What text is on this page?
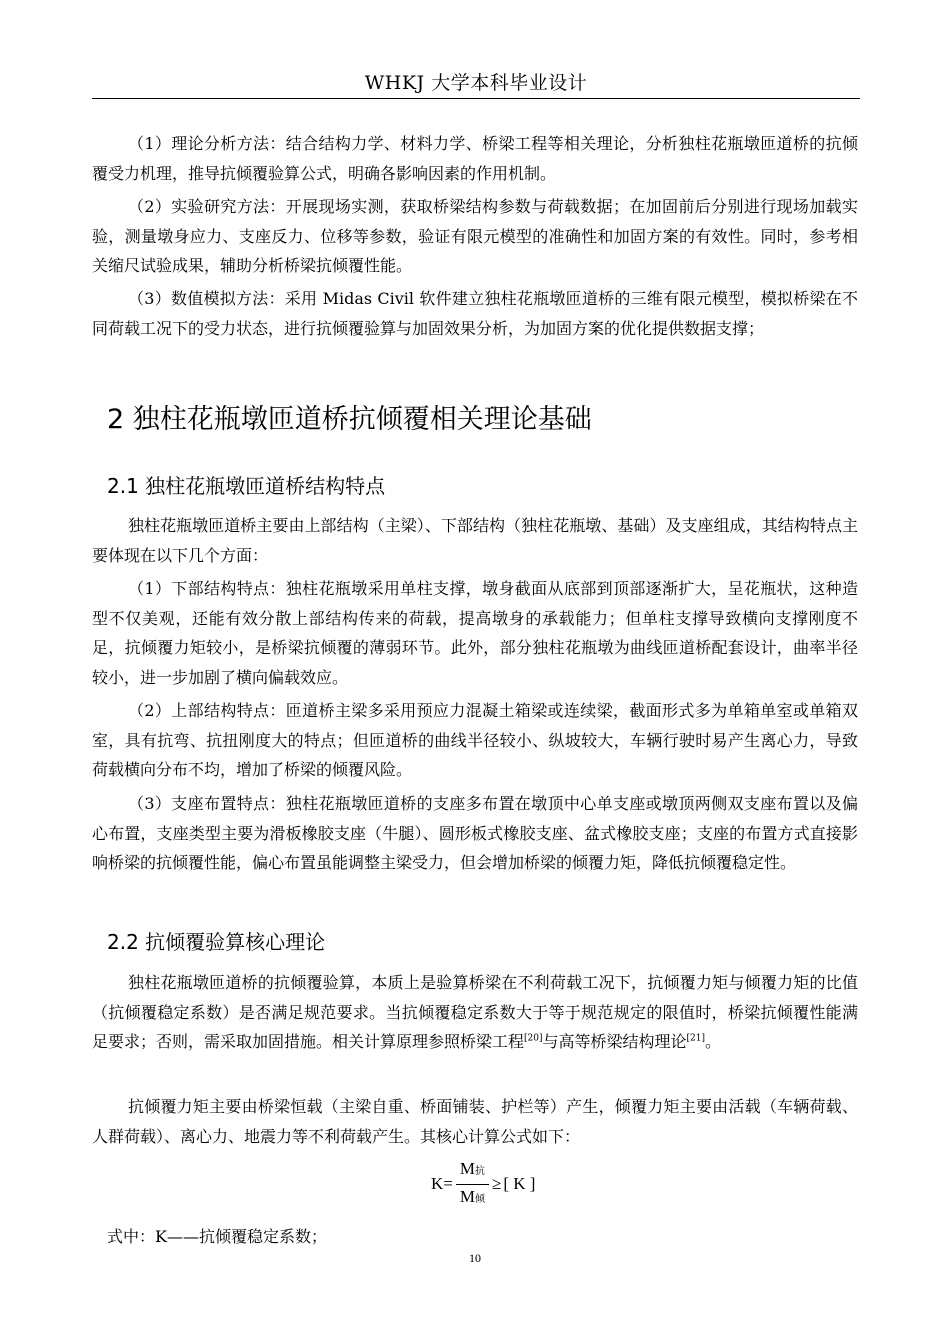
WHKJ 大学本科毕业设计

（1）理论分析方法：结合结构力学、材料力学、桥梁工程等相关理论，分析独柱花瓶墩匝道桥的抗倾覆受力机理，推导抗倾覆验算公式，明确各影响因素的作用机制。

（2）实验研究方法：开展现场实测，获取桥梁结构参数与荷载数据；在加固前后分别进行现场加载实验，测量墩身应力、支座反力、位移等参数，验证有限元模型的准确性和加固方案的有效性。同时，参考相关缩尺试验成果，辅助分析桥梁抗倾覆性能。

（3）数值模拟方法：采用 Midas Civil 软件建立独柱花瓶墩匝道桥的三维有限元模型，模拟桥梁在不同荷载工况下的受力状态，进行抗倾覆验算与加固效果分析，为加固方案的优化提供数据支撑；

2 独柱花瓶墩匝道桥抗倾覆相关理论基础
2.1 独柱花瓶墩匝道桥结构特点

独柱花瓶墩匝道桥主要由上部结构（主梁）、下部结构（独柱花瓶墩、基础）及支座组成，其结构特点主要体现在以下几个方面：

（1）下部结构特点：独柱花瓶墩采用单柱支撑，墩身截面从底部到顶部逐渐扩大，呈花瓶状，这种造型不仅美观，还能有效分散上部结构传来的荷载，提高墩身的承载能力；但单柱支撑导致横向支撑刚度不足，抗倾覆力矩较小，是桥梁抗倾覆的薄弱环节。此外，部分独柱花瓶墩为曲线匝道桥配套设计，曲率半径较小，进一步加剧了横向偏载效应。

（2）上部结构特点：匝道桥主梁多采用预应力混凝土箱梁或连续梁，截面形式多为单箱单室或单箱双室，具有抗弯、抗扭刚度大的特点；但匝道桥的曲线半径较小、纵坡较大，车辆行驶时易产生离心力，导致荷载横向分布不均，增加了桥梁的倾覆风险。

（3）支座布置特点：独柱花瓶墩匝道桥的支座多布置在墩顶中心单支座或墩顶两侧双支座布置以及偏心布置，支座类型主要为滑板橡胶支座（牛腿）、圆形板式橡胶支座、盆式橡胶支座；支座的布置方式直接影响桥梁的抗倾覆性能，偏心布置虽能调整主梁受力，但会增加桥梁的倾覆力矩，降低抗倾覆稳定性。

2.2 抗倾覆验算核心理论

独柱花瓶墩匝道桥的抗倾覆验算，本质上是验算桥梁在不利荷载工况下，抗倾覆力矩与倾覆力矩的比值（抗倾覆稳定系数）是否满足规范要求。当抗倾覆稳定系数大于等于规范规定的限值时，桥梁抗倾覆性能满足要求；否则，需采取加固措施。相关计算原理参照桥梁工程[20]与高等桥梁结构理论[21]。

抗倾覆力矩主要由桥梁恒载（主梁自重、桥面铺装、护栏等）产生，倾覆力矩主要由活载（车辆荷载、人群荷载）、离心力、地震力等不利荷载产生。其核心计算公式如下：

$K = \frac{\text{M抗}}{\text{M倾}}$ ≥ [ K ]

式中：K——抗倾覆稳定系数；

10
